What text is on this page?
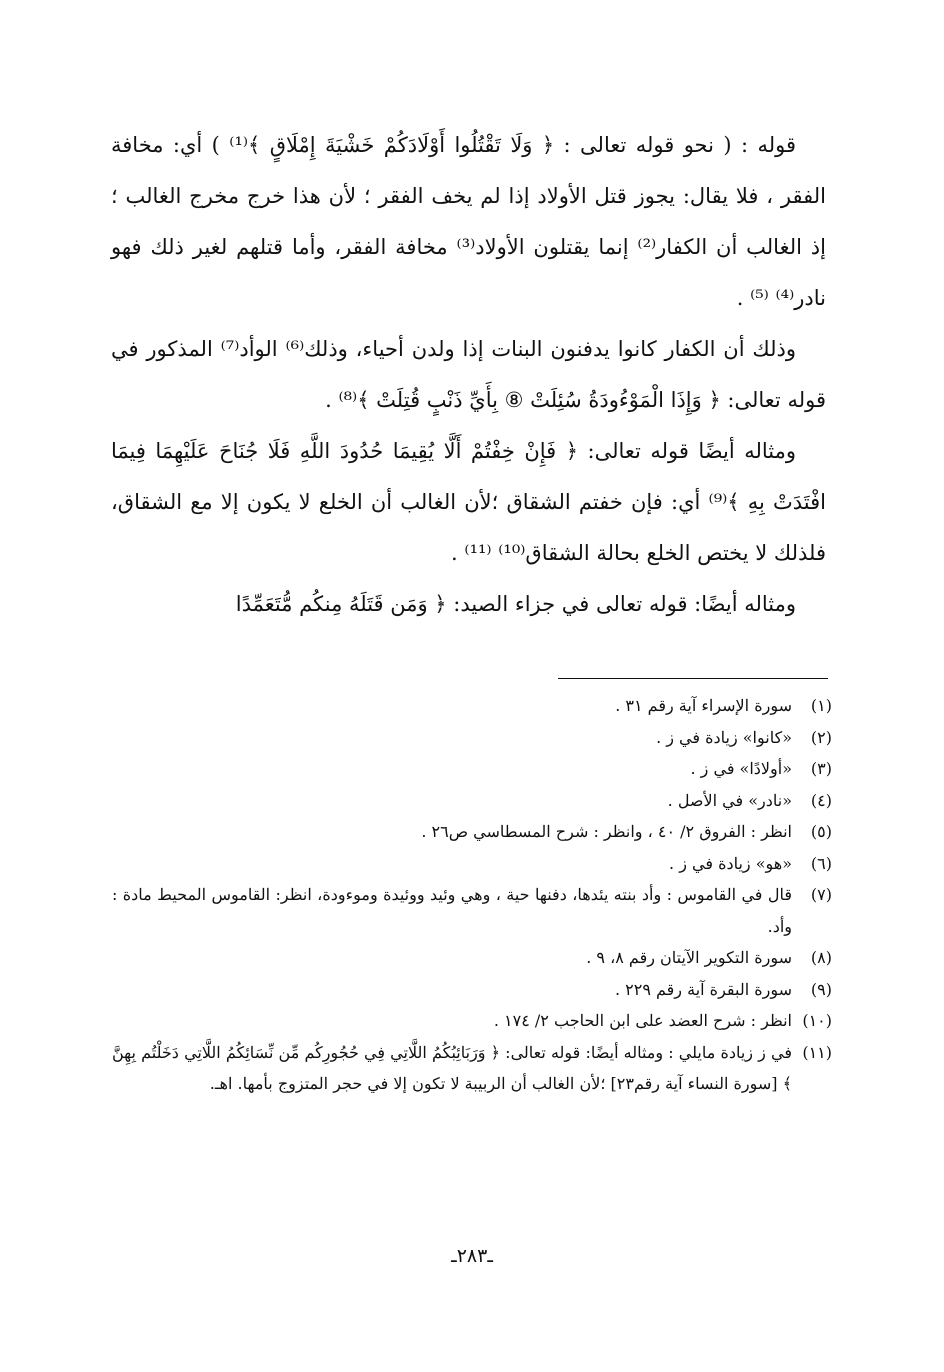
قوله : ( نحو قوله تعالى : ﴿ وَلَا تَقْتُلُوا أَوْلَادَكُمْ خَشْيَةَ إِمْلَاقٍ ﴾⁽¹⁾ ) أي: مخافة الفقر ، فلا يقال: يجوز قتل الأولاد إذا لم يخف الفقر ؛ لأن هذا خرج مخرج الغالب ؛ إذ الغالب أن الكفار⁽²⁾ إنما يقتلون الأولاد⁽³⁾ مخافة الفقر، وأما قتلهم لغير ذلك فهو نادر⁽⁴⁾ ⁽⁵⁾ .

وذلك أن الكفار كانوا يدفنون البنات إذا ولدن أحياء، وذلك⁽⁶⁾ الوأد⁽⁷⁾ المذكور في قوله تعالى: ﴿ وَإِذَا الْمَوْءُودَةُ سُئِلَتْ ⑧ بِأَيِّ ذَنْبٍ قُتِلَتْ ﴾⁽⁸⁾ .

ومثاله أيضًا قوله تعالى: ﴿ فَإِنْ خِفْتُمْ أَلَّا يُقِيمَا حُدُودَ اللَّهِ فَلَا جُنَاحَ عَلَيْهِمَا فِيمَا افْتَدَتْ بِهِ ﴾⁽⁹⁾ أي: فإن خفتم الشقاق ؛لأن الغالب أن الخلع لا يكون إلا مع الشقاق، فلذلك لا يختص الخلع بحالة الشقاق⁽¹⁰⁾ ⁽¹¹⁾ .

ومثاله أيضًا: قوله تعالى في جزاء الصيد: ﴿ وَمَن قَتَلَهُ مِنكُم مُّتَعَمِّدًا

(١)
سورة الإسراء آية رقم ٣١ .

(٢)
«كانوا» زيادة في ز .

(٣)
«أولادًا» في ز .

(٤)
«نادر» في الأصل .

(٥)
انظر : الفروق ٢/ ٤٠ ، وانظر : شرح المسطاسي ص٢٦ .

(٦)
«هو» زيادة في ز .

(٧)
قال في القاموس : وأد بنته يئدها، دفنها حية ، وهي وئيد ووئيدة وموءودة، انظر: القاموس المحيط مادة : وأد.

(٨)
سورة التكوير الآيتان رقم ٨، ٩ .

(٩)
سورة البقرة آية رقم ٢٢٩ .

(١٠)
انظر : شرح العضد على ابن الحاجب ٢/ ١٧٤ .

(١١)
في ز زيادة مايلي : ومثاله أيضًا: قوله تعالى: ﴿ وَرَبَائِبُكُمُ اللَّاتِي فِي حُجُورِكُم مِّن نِّسَائِكُمُ اللَّاتِي دَخَلْتُم بِهِنَّ ﴾ [سورة النساء آية رقم٢٣] ؛لأن الغالب أن الربيبة لا تكون إلا في حجر المتزوج بأمها. اهـ.

ـ٢٨٣ـ
